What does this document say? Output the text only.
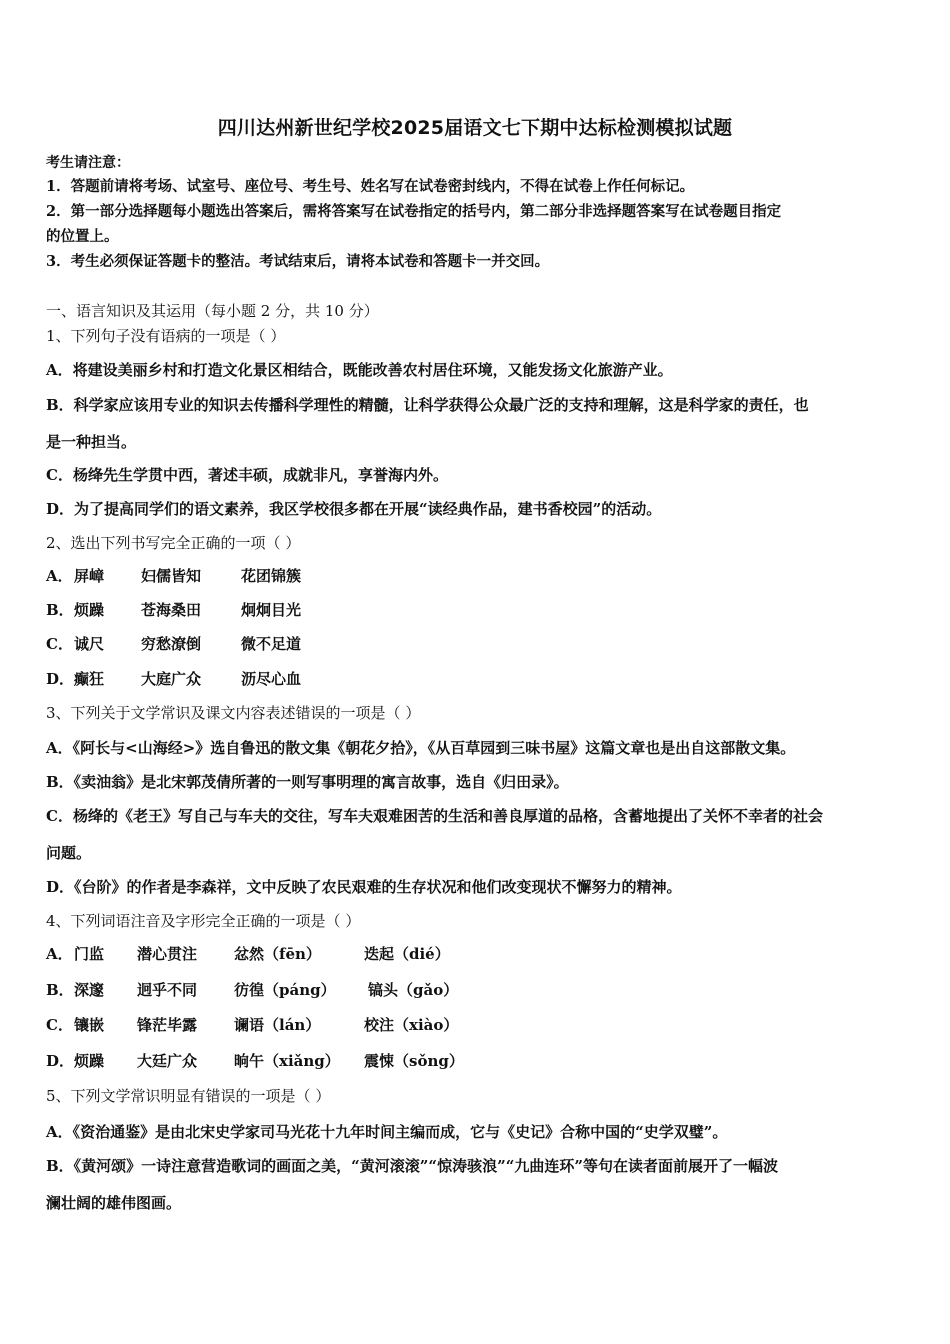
四川达州新世纪学校2025届语文七下期中达标检测模拟试题
考生请注意：
1．答题前请将考场、试室号、座位号、考生号、姓名写在试卷密封线内，不得在试卷上作任何标记。
2．第一部分选择题每小题选出答案后，需将答案写在试卷指定的括号内，第二部分非选择题答案写在试卷题目指定
的位置上。
3．考生必须保证答题卡的整洁。考试结束后，请将本试卷和答题卡一并交回。
一、语言知识及其运用（每小题 2 分，共 10 分）
1、下列句子没有语病的一项是（ ）
A．将建设美丽乡村和打造文化景区相结合，既能改善农村居住环境，又能发扬文化旅游产业。
B．科学家应该用专业的知识去传播科学理性的精髓，让科学获得公众最广泛的支持和理解，这是科学家的责任，也
是一种担当。
C．杨绛先生学贯中西，著述丰硕，成就非凡，享誉海内外。
D．为了提高同学们的语文素养，我区学校很多都在开展“读经典作品，建书香校园”的活动。
2、选出下列书写完全正确的一项（ ）
A． 屏嶂 妇儒皆知	花团锦簇
B． 烦躁 苍海桑田	炯炯目光
C． 诚尺 穷愁潦倒	微不足道
D． 癫狂 大庭广众	沥尽心血
3、下列关于文学常识及课文内容表述错误的一项是（ ）
A．《阿长与<山海经>》选自鲁迅的散文集《朝花夕拾》，《从百草园到三味书屋》这篇文章也是出自这部散文集。
B．《卖油翁》是北宋郭茂倩所著的一则写事明理的寓言故事，选自《归田录》。
C．杨绛的《老王》写自己与车夫的交往，写车夫艰难困苦的生活和善良厚道的品格，含蓄地提出了关怀不幸者的社会
问题。
D．《台阶》的作者是李森祥，文中反映了农民艰难的生存状况和他们改变现状不懈努力的精神。
4、下列词语注音及字形完全正确的一项是（ ）
A． 门监 潜心贯注 忿然（fēn）	迭起（dié）
B． 深邃 迥乎不同 彷徨（páng） 镐头（gǎo）
C． 镶嵌 锋茫毕露 谰语（lán）	校注（xiào）
D． 烦躁 大廷广众 晌午（xiǎng） 震悚（sǒng）
5、下列文学常识明显有错误的一项是（ ）
A．《资治通鉴》是由北宋史学家司马光花十九年时间主编而成，它与《史记》合称中国的“史学双璧”。
B．《黄河颂》一诗注意营造歌词的画面之美，“黄河滚滚”“惊涛骇浪”“九曲连环”等句在读者面前展开了一幅波
澜壮阔的雄伟图画。
